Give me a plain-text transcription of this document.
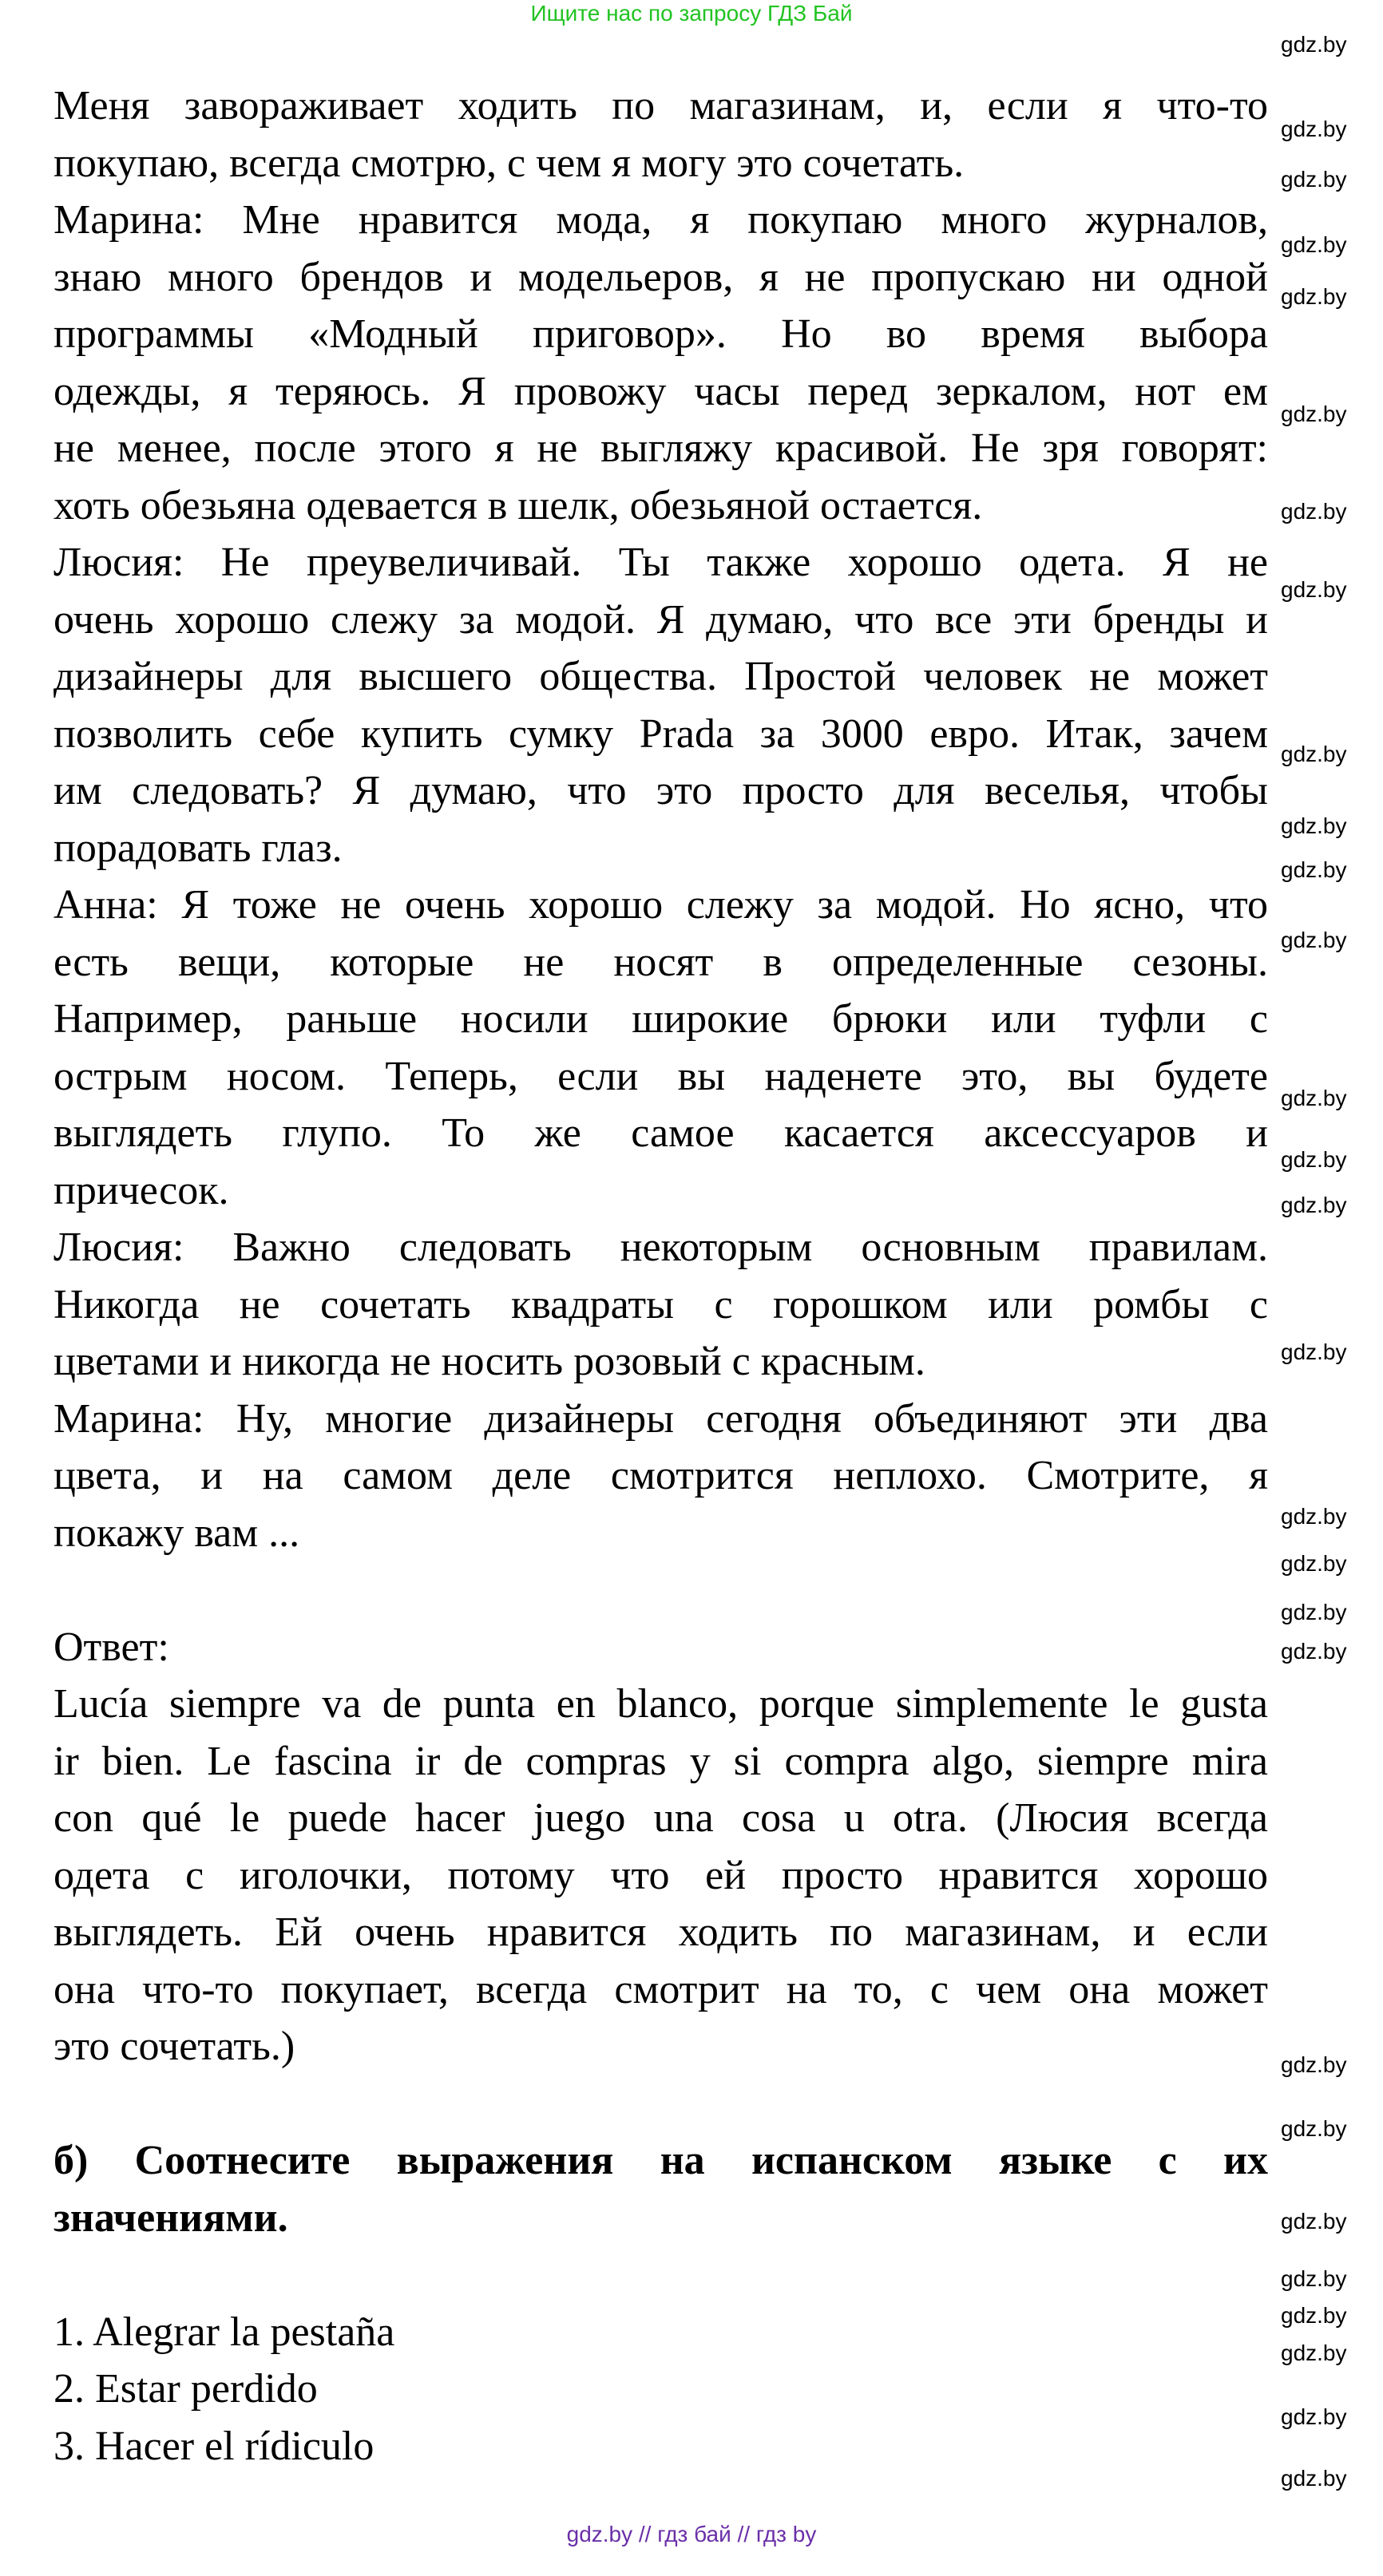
Ищите нас по запросу ГДЗ Бай
Меня завораживает ходить по магазинам, и, если я что-то
покупаю, всегда смотрю, с чем я могу это сочетать.
Марина: Мне нравится мода, я покупаю много журналов,
знаю много брендов и модельеров, я не пропускаю ни одной
программы «Модный приговор». Но во время выбора
одежды, я теряюсь. Я провожу часы перед зеркалом, нот ем
не менее, после этого я не выгляжу красивой. Не зря говорят:
хоть обезьяна одевается в шелк, обезьяной остается.
Люсия: Не преувеличивай. Ты также хорошо одета. Я не
очень хорошо слежу за модой. Я думаю, что все эти бренды и
дизайнеры для высшего общества. Простой человек не может
позволить себе купить сумку Prada за 3000 евро. Итак, зачем
им следовать? Я думаю, что это просто для веселья, чтобы
порадовать глаз.
Анна: Я тоже не очень хорошо слежу за модой. Но ясно, что
есть вещи, которые не носят в определенные сезоны.
Например, раньше носили широкие брюки или туфли с
острым носом. Теперь, если вы наденете это, вы будете
выглядеть глупо. То же самое касается аксессуаров и
причесок.
Люсия: Важно следовать некоторым основным правилам.
Никогда не сочетать квадраты с горошком или ромбы с
цветами и никогда не носить розовый с красным.
Марина: Ну, многие дизайнеры сегодня объединяют эти два
цвета, и на самом деле смотрится неплохо. Смотрите, я
покажу вам ...
Ответ:
Lucía siempre va de punta en blanco, porque simplemente le gusta
ir bien. Le fascina ir de compras y si compra algo, siempre mira
con qué le puede hacer juego una cosa u otra. (Люсия всегда
одета с иголочки, потому что ей просто нравится хорошо
выглядеть. Ей очень нравится ходить по магазинам, и если
она что-то покупает, всегда смотрит на то, с чем она может
это сочетать.)
б) Соотнесите выражения на испанском языке с их
значениями.
1. Alegrar la pestaña
2. Estar perdido
3. Hacer el rídiculo
gdz.by
gdz.by
gdz.by
gdz.by
gdz.by
gdz.by
gdz.by
gdz.by
gdz.by
gdz.by
gdz.by
gdz.by
gdz.by
gdz.by
gdz.by
gdz.by
gdz.by
gdz.by
gdz.by
gdz.by
gdz.by
gdz.by
gdz.by
gdz.by
gdz.by
gdz.by
gdz.by
gdz.by
gdz.by // гдз бай // гдз by
